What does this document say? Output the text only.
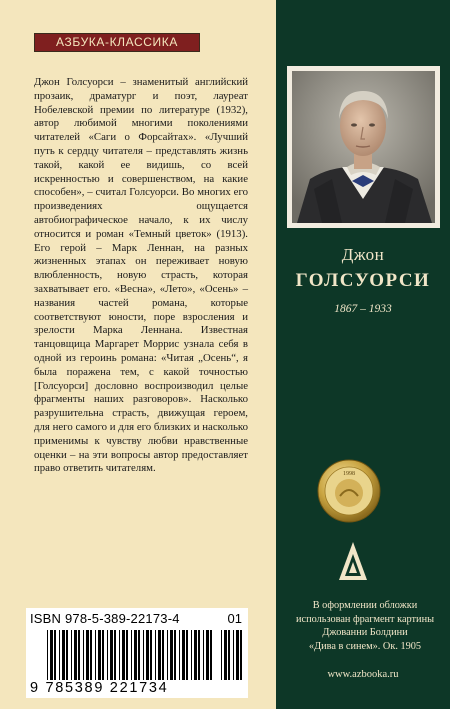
АЗБУКА-КЛАССИКА
Джон Голсуорси – знаменитый английский прозаик, драматург и поэт, лауреат Нобелевской премии по литературе (1932), автор любимой многими поколениями читателей «Саги о Форсайтах». «Лучший путь к сердцу читателя – представлять жизнь такой, какой ее видишь, со всей искренностью и совершенством, на какие способен», – считал Голсуорси. Во многих его произведениях ощущается автобиографическое начало, к их числу относится и роман «Темный цветок» (1913). Его герой – Марк Леннан, на разных жизненных этапах он переживает новую влюбленность, новую страсть, которая захватывает его. «Весна», «Лето», «Осень» – названия частей романа, которые соответствуют юности, поре взросления и зрелости Марка Леннана. Известная танцовщица Маргарет Моррис узнала себя в одной из героинь романа: «Читая „Осень“, я была поражена тем, с какой точностью [Голсуорси] дословно воспроизводил целые фрагменты наших разговоров». Насколько разрушительна страсть, движущая героем, для него самого и для его близких и насколько применимы к чувству любви нравственные оценки – на эти вопросы автор предоставляет право ответить читателям.
ISBN 978-5-389-22173-4	01
9 785389 221734
Джон
ГОЛСУОРСИ
1867 – 1933
1998
В оформлении обложки
использован фрагмент картины
Джованни Болдини
«Дива в синем». Ок. 1905
www.azbooka.ru
